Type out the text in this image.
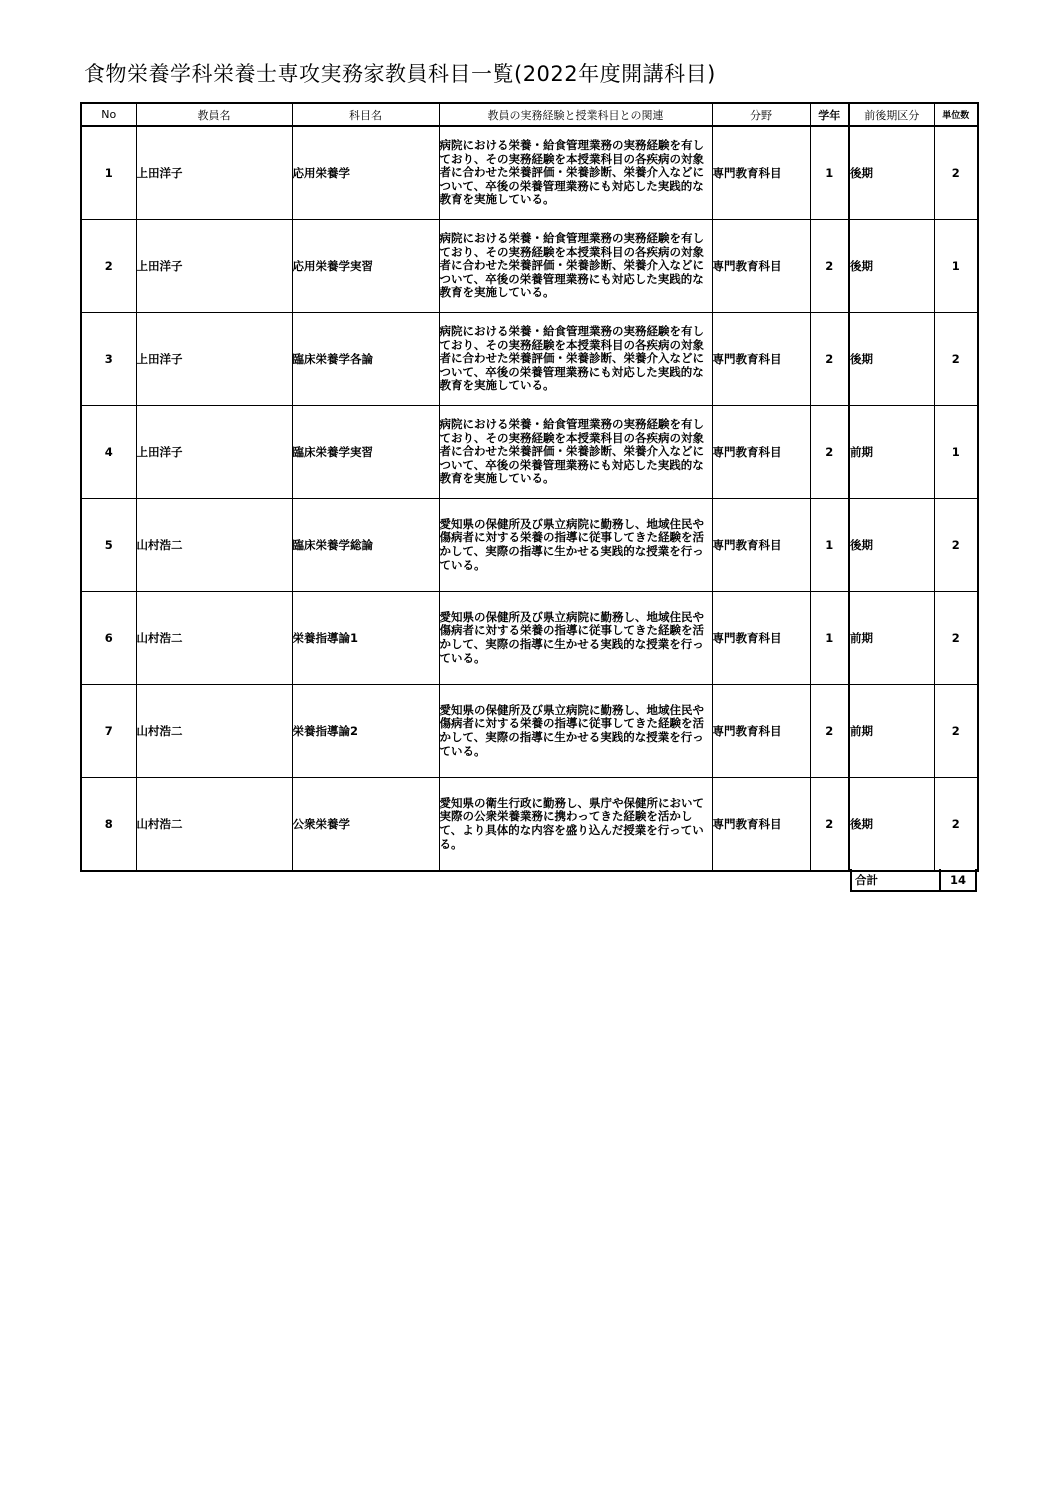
食物栄養学科栄養士専攻実務家教員科目一覧(2022年度開講科目)
No	教員名	科目名	教員の実務経験と授業科目との関連	分野	学年	前後期区分	単位数
1	上田洋子	応用栄養学	病院における栄養・給食管理業務の実務経験を有しており、その実務経験を本授業科目の各疾病の対象者に合わせた栄養評価・栄養診断、栄養介入などについて、卒後の栄養管理業務にも対応した実践的な教育を実施している。	専門教育科目	1	後期	2
2	上田洋子	応用栄養学実習	病院における栄養・給食管理業務の実務経験を有しており、その実務経験を本授業科目の各疾病の対象者に合わせた栄養評価・栄養診断、栄養介入などについて、卒後の栄養管理業務にも対応した実践的な教育を実施している。	専門教育科目	2	後期	1
3	上田洋子	臨床栄養学各論	病院における栄養・給食管理業務の実務経験を有しており、その実務経験を本授業科目の各疾病の対象者に合わせた栄養評価・栄養診断、栄養介入などについて、卒後の栄養管理業務にも対応した実践的な教育を実施している。	専門教育科目	2	後期	2
4	上田洋子	臨床栄養学実習	病院における栄養・給食管理業務の実務経験を有しており、その実務経験を本授業科目の各疾病の対象者に合わせた栄養評価・栄養診断、栄養介入などについて、卒後の栄養管理業務にも対応した実践的な教育を実施している。	専門教育科目	2	前期	1
5	山村浩二	臨床栄養学総論	愛知県の保健所及び県立病院に勤務し、地域住民や傷病者に対する栄養の指導に従事してきた経験を活かして、実際の指導に生かせる実践的な授業を行っている。	専門教育科目	1	後期	2
6	山村浩二	栄養指導論1	愛知県の保健所及び県立病院に勤務し、地域住民や傷病者に対する栄養の指導に従事してきた経験を活かして、実際の指導に生かせる実践的な授業を行っている。	専門教育科目	1	前期	2
7	山村浩二	栄養指導論2	愛知県の保健所及び県立病院に勤務し、地域住民や傷病者に対する栄養の指導に従事してきた経験を活かして、実際の指導に生かせる実践的な授業を行っている。	専門教育科目	2	前期	2
8	山村浩二	公衆栄養学	愛知県の衛生行政に勤務し、県庁や保健所において実際の公衆栄養業務に携わってきた経験を活かして、より具体的な内容を盛り込んだ授業を行っている。	専門教育科目	2	後期	2
合計	14
